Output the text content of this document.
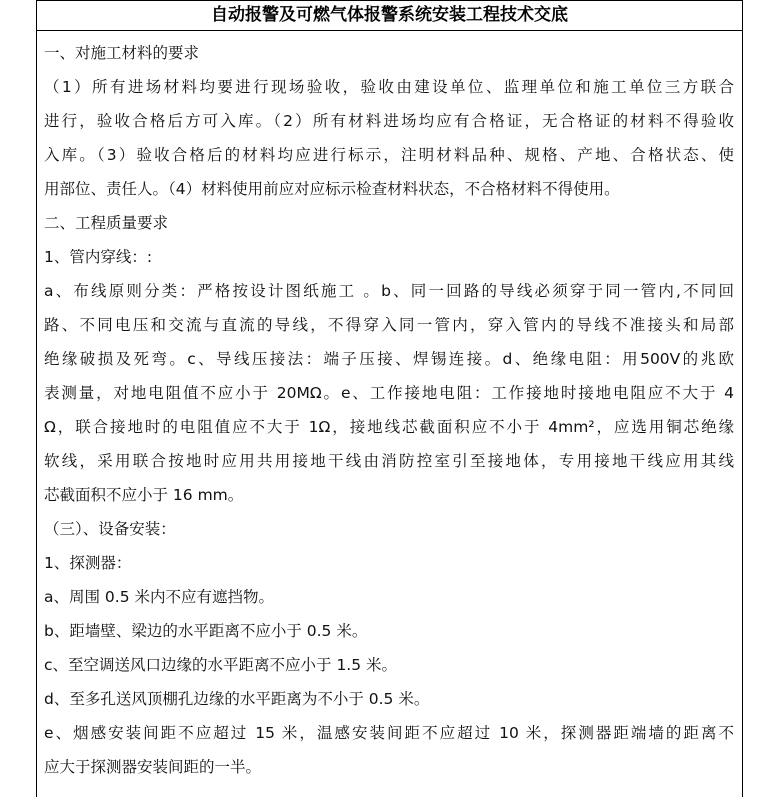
自动报警及可燃气体报警系统安装工程技术交底
一、对施工材料的要求
（1）所有进场材料均要进行现场验收，验收由建设单位、监理单位和施工单位三方联合
进行，验收合格后方可入库。（2）所有材料进场均应有合格证，无合格证的材料不得验收
入库。（3）验收合格后的材料均应进行标示，注明材料品种、规格、产地、合格状态、使
用部位、责任人。（4）材料使用前应对应标示检查材料状态，不合格材料不得使用。
二、工程质量要求
1、管内穿线：:
a、布线原则分类：严格按设计图纸施工 。b、同一回路的导线必须穿于同一管内,不同回
路、不同电压和交流与直流的导线，不得穿入同一管内，穿入管内的导线不准接头和局部
绝缘破损及死弯。c、导线压接法：端子压接、焊锡连接。d、绝缘电阻：用500V的兆欧
表测量，对地电阻值不应小于 20MΩ。e、工作接地电阻：工作接地时接地电阻应不大于 4
Ω，联合接地时的电阻值应不大于 1Ω，接地线芯截面积应不小于 4mm²，应选用铜芯绝缘
软线，采用联合按地时应用共用接地干线由消防控室引至接地体，专用接地干线应用其线
芯截面积不应小于 16 mm。
（三）、设备安装：
1、探测器：
a、周围 0.5 米内不应有遮挡物。
b、距墙壁、梁边的水平距离不应小于 0.5 米。
c、至空调送风口边缘的水平距离不应小于 1.5 米。
d、至多孔送风顶棚孔边缘的水平距离为不小于 0.5 米。
e、烟感安装间距不应超过 15 米，温感安装间距不应超过 10 米，探测器距端墙的距离不
应大于探测器安装间距的一半。
